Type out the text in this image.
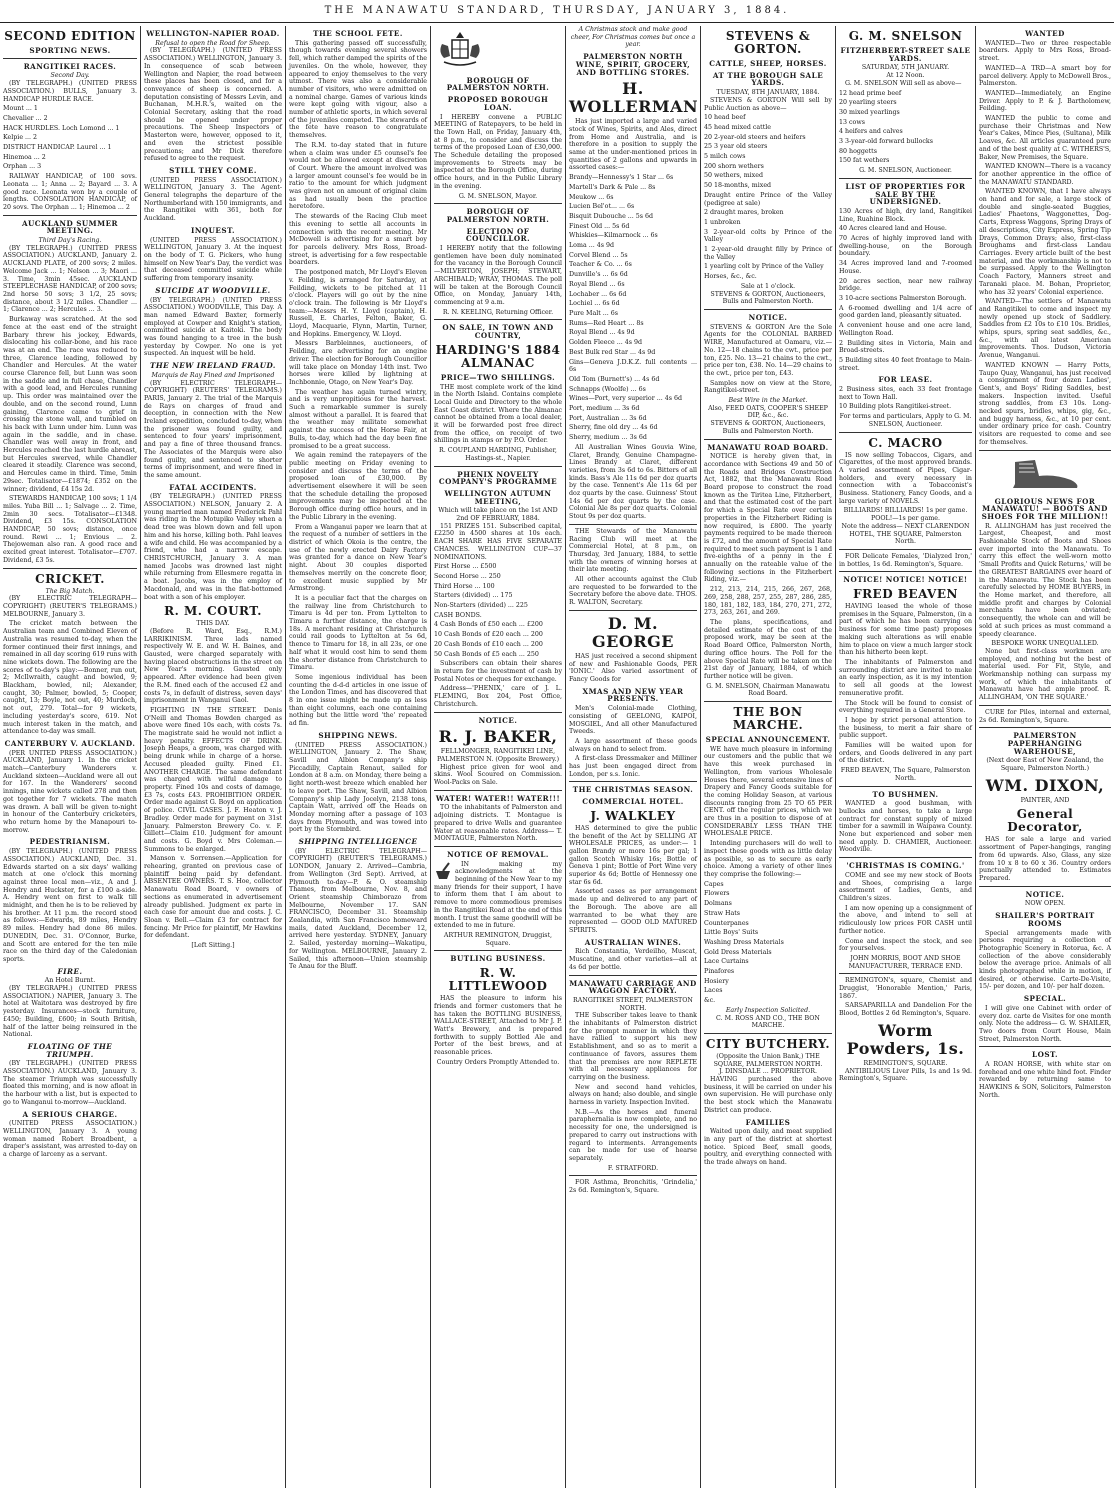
THE MANAWATU STANDARD, THURSDAY, JANUARY 3, 1884.
SECOND EDITION
SPORTING NEWS.
RANGITIKEI RACES.
Second Day.

(BY TELEGRAPH.) (UNITED PRESS ASSOCIATION.) BULLS, January 3. HANDICAP HURDLE RACE.

Mount ... 1

Chevalier ... 2

HACK HURDLES. Loch Lomond ... 1

Kelpie ... 2

DISTRICT HANDICAP. Laurel ... 1

Hinemoa ... 2

Orphan ... 3

RAILWAY HANDICAP, of 100 sovs. Leonata ... 1; Anna ... 2; Bayard ... 3. A good race. Leonata won by a couple of lengths. CONSOLATION HANDICAP, of 20 sovs. The Orphan ... 1; Hinemoa ... 2

AUCKLAND SUMMER MEETING.
Third Day's Racing.

(BY TELEGRAPH.) (UNITED PRESS ASSOCIATION.) AUCKLAND, January 2. AUCKLAND PLATE, of 200 sovs; 2 miles. Welcome Jack ... 1; Nelson ... 3; Maori ... 3. Time, 3min 45sec. AUCKLAND STEEPLECHASE HANDICAP, of 200 sovs; 2nd horse 50 sovs; 3 1/2, 25 sovs; distance, about 3 1/2 miles. Chandler ... 1; Clarence ... 2; Hercules ... 3.

Burkaway was scratched. At the sod fence at the east end of the straight Barbary threw his jockey, Edwards, dislocating his collar-bone, and his race was at an end. The race was reduced to three, Clarence leading, followed by Chandler and Hercules. At the water course Clarence fell, but Lunn was soon in the saddle and in full chase, Chandler with a good lead, and Hercules running up. This order was maintained over the double, and on the second round, Lunn gaining, Clarence came to grief in crossing the stone wall, and tumbled on his back with Lunn under him. Lunn was again in the saddle, and in chase. Chandler was well away in front, and Hercules reached the last hurdle abreast, but Hercules swerved, while Chandler cleared it steadily. Clarence was second, and Hercules came in third. Time, 5min 29sec. Totalisator—£1874; £352 on the winner; dividend, £4 15s 2d.

STEWARDS HANDICAP, 100 sovs; 1 1/4 miles. Yuba Bill ... 1; Salvage ... 2. Time, 2min 30 secs. Totalisator—£1348. Dividend, £3 15s. CONSOLATION HANDICAP, 50 sovs; distance, once round. Rewi ... 1; Envious ... 2. Thejoweman also ran. A good race and excited great interest. Totalisator—£707. Dividend, £3 5s.

CRICKET.
The Big Match.

(BY ELECTRIC TELEGRAPH—COPYRIGHT) (REUTER'S TELEGRAMS.) MELBOURNE, January 3.

The cricket match between the Australian team and Combined Eleven of Australia was resumed to-day, when the former continued their first innings, and remained in all day scoring 619 runs with nine wickets down. The following are the scores of to-day's play:—Bonner, run out, 2; McIlwraith, caught and bowled, 9; Blackham, bowled, nil; Alexander, caught, 30; Palmer, bowled, 5; Cooper, caught, 13; Boyle, not out, 40; Murdoch, not out, 279. Total—for 9 wickets, including yesterday's score, 619. Not much interest taken in the match, and attendance to-day was small.

CANTERBURY V. AUCKLAND.

(PER UNITED PRESS ASSOCIATION.) AUCKLAND, January 1. In the cricket match—Canterbury Wanderers v. Auckland sixteen—Auckland were all out for 167. In the Wanderers' second innings, nine wickets called 278 and then got together for 7 wickets. The match was drawn. A ball will be given to-night in honour of the Canterbury cricketers, who return home by the Manapouri to-morrow.

PEDESTRIANISM.

(BY TELEGRAPH.) (UNITED PRESS ASSOCIATION.) AUCKLAND, Dec. 31. Edwards started on a six days' walking match at one o'clock this morning against three local men—viz., A and J. Hendry and Huckster, for a £100 a-side. A. Hendry went on first to walk till midnight, and then he is to be relieved by his brother. At 11 p.m. the record stood as follows:—Edwards, 89 miles, Hendry 89 miles. Hendry had done 86 miles. DUNEDIN, Dec. 31. O'Connor, Burke, and Scott are entered for the ten mile race on the third day of the Caledonian sports.

FIRE.
An Hotel Burnt.

(BY TELEGRAPH.) (UNITED PRESS ASSOCIATION.) NAPIER, January 3. The hotel at Waitotara was destroyed by fire yesterday. Insurances—stock furniture, £450; Building, £600; in South British, half of the latter being reinsured in the National.

FLOATING OF THE TRIUMPH.

(BY TELEGRAPH.) (UNITED PRESS ASSOCIATION.) AUCKLAND, January 3. The steamer Triumph was successfully floated this morning, and is now afloat in the harbour with a list, but is expected to go to Wanganui to-morrow—Auckland.

A SERIOUS CHARGE.

(UNITED PRESS ASSOCIATION.) WELLINGTON, January 3. A young woman named Robert Broadbent, a draper's assistant, was arrested to-day on a charge of larceny as a servant.

WELLINGTON-NAPIER ROAD.
Refusal to open the Road for Sheep.

(BY TELEGRAPH.) (UNITED PRESS ASSOCIATION.) WELLINGTON, January 3. In consequence of scab between Wellington and Napier, the road between these places has been closed, and for a conveyance of sheep is concerned. A deputation consisting of Messrs Levin, and Buchanan, M.H.R.'s, waited on the Colonial Secretary, asking that the road should be opened under proper precautions. The Sheep Inspectors of Masterton were, however, opposed to it, and even the strictest possible precautions; and Mr Dick therefore refused to agree to the request.

STILL THEY COME.

(UNITED PRESS ASSOCIATION.) WELLINGTON, January 3. The Agent-General telegraphs the departure of the Northumberland with 150 immigrants, and the Rangitikei with 361, both for Auckland.

INQUEST.

(UNITED PRESS ASSOCIATION.) WELLINGTON, January 3. At the inquest on the body of T. G. Pickers, who hung himself on New Year's Day, the verdict was that deceased committed suicide while suffering from temporary insanity.

SUICIDE AT WOODVILLE.

(BY TELEGRAPH.) (UNITED PRESS ASSOCIATION.) WOODVILLE, This Day. A man named Edward Baxter, formerly employed at Cowper and Knight's station, committed suicide at Kaitoki. The body was found hanging to a tree in the bush yesterday by Cowper. No one is yet suspected. An inquest will be held.

THE NEW IRELAND FRAUD.
Marquis de Ray Fined and Imprisoned

(BY ELECTRIC TELEGRAPH—COPYRIGHT) (REUTERS' TELEGRAMS.) PARIS, January 2. The trial of the Marquis de Rays on charges of fraud and deception, in connection with the New Ireland expedition, concluded to-day, when the prisoner was found guilty, and sentenced to four years' imprisonment, and pay a fine of three thousand francs. The Associates of the Marquis were also found guilty, and sentenced to shorter terms of imprisonment, and were fined in the same amount.

FATAL ACCIDENTS.

(BY TELEGRAPH.) (UNITED PRESS ASSOCIATION.) NELSON, January 2. A young married man named Frederick Pahl was riding in the Motupiko Valley when a dead tree was blown down and fell upon him and his horse, killing both. Pahl leaves a wife and child. He was accompanied by a friend, who had a narrow escape. CHRISTCHURCH, January 3. A man named Jacobs was drowned last night while returning from Ellesmere regatta in a boat. Jacobs, was in the employ of Macdonald, and was in the flat-bottomed boat with a son of his employer.

R. M. COURT.
THIS DAY.

(Before R. Ward, Esq., R.M.) LARRIKINISM. Three lads named respectively W. E. and W. H. Baines, and Gausted, were charged separately with having placed obstructions in the street on New Year's morning. Gausted only appeared. After evidence had been given the R.M. fined each of the accused £2 and costs 7s, in default of distress, seven days' imprisonment in Wanganui Gaol.

FIGHTING IN THE STREET. Denis O'Neill and Thomas Bowden charged as above were fined 10s each, with costs 7s. The magistrate said he would not inflict a heavy penalty. EFFECTS OF DRINK. Joseph Heaps, a groom, was charged with being drunk while in charge of a horse. Accused pleaded guilty. Fined £1. ANOTHER CHARGE. The same defendant was charged with wilful damage to property. Fined 10s and costs of damage, £3 7s, costs £43. PROHIBITION ORDER. Order made against G. Boyd on application of police. CIVIL CASES. J. F. Heaton v. J. Bradley. Order made for payment on 31st January. Palmerston Brewery Co. v. F. Gillett—Claim £10. Judgment for amount and costs. G. Boyd v. Mrs Coleman.—Summons to be enlarged.

Manson v. Sorrensen.—Application for rehearing, granted on previous case of plaintiff being paid by defendant. ABSENTEE OWNERS. T. S. Hoe, collector Manawatu Road Board, v owners of sections as enumerated in advertisement already published. Judgment ex parte in each case for amount due and costs. J. C. Sloan v. Bell.—Claim £3 for contract for fencing. Mr Price for plaintiff, Mr Hawkins for defendant.

[Left Sitting.]
THE SCHOOL FETE.

This gathering passed off successfully, though towards evening several showers fell, which rather damped the spirits of the juveniles. On the whole, however, they appeared to enjoy themselves to the very utmost. There was also a considerable number of visitors, who were admitted on a nominal charge. Games of various kinds were kept going with vigour, also a number of athletic sports, in which several of the juveniles competed. The stewards of the fete have reason to congratulate themselves.

The R.M. to-day stated that in future when a claim was under £5 counsel's fee would not be allowed except at discretion of Court. Where the amount involved was a larger amount counsel's fee would be in ratio to the amount for which judgment was given not on amount of original claim as had usually been the practice heretofore.

The stewards of the Racing Club meet this evening to settle all accounts in connection with the recent meeting. Mr McDowell is advertising for a smart boy for parcels delivery. Mrs Ross, Broad-street, is advertising for a few respectable boarders.

The postponed match, Mr Lloyd's Eleven v. Feilding, is arranged for Saturday, at Feilding, wickets to be pitched at 11 o'clock. Players will go out by the nine o'clock train. The following is Mr Lloyd's team:—Messrs H. Y. Lloyd (captain), H. Russell, E. Charles, Felton, Baker, G. Lloyd, Macquarie, Flynn, Martin, Turner, and Hopkins. Emergency, W. Lloyd.

Messrs Barbleinnes, auctioneers, of Feilding, are advertising for an engine driver. The election for Borough Councillor will take place on Monday 14th inst. Two horses were killed by lightning at Inchbonnie, Otago, on New Year's Day.

The weather has again turned wintry, and is very unpropitious for the harvest. Such a remarkable summer is surely almost without a parallel. It is feared that the weather may militate somewhat against the success of the Horse Fair, at Bulls, to-day, which had the day been fine promised to be a great success.

We again remind the ratepayers of the public meeting on Friday evening to consider and discuss the terms of the proposed loan of £30,000. By advertisement elsewhere it will be seen that the schedule detailing the proposed improvements may be inspected at the Borough office during office hours, and in the Public Library in the evening.

From a Wanganui paper we learn that at the request of a number of settlers in the district of which Okoia is the centre, the use of the newly erected Dairy Factory was granted for a dance on New Year's night. About 30 couples disported themselves merrily on the concrete floor, to excellent music supplied by Mr Armstrong.

It is a peculiar fact that the charges on the railway line from Christchurch to Timaru is 4d per ton. From Lyttelton to Timaru a further distance, the charge is 18s. A merchant residing at Christchurch could rail goods to Lyttelton at 5s 6d, thence to Timaru for 18, in all 23s, or one half what it would cost him to send them the shorter distance from Christchurch to Timaru.

Some ingenious individual has been counting the d-d-d articles in one issue of the London Times, and has discovered that 8 in one issue might be made up as less than eight columns, each one containing nothing but the little word 'the' repeated ad fin.

SHIPPING NEWS.

(UNITED PRESS ASSOCIATION.) WELLINGTON, January 2. The Shaw, Savill and Albion Company's ship Piccadilly, Captain Renaut, sailed for London at 8 a.m. on Monday, there being a light north-west breeze which enabled her to leave port. The Shaw, Savill, and Albion Company's ship Lady Jocelyn, 2138 tons, Captain Watt, arrived off the Heads on Monday morning after a passage of 103 days from Plymouth, and was towed into port by the Stormbird.

SHIPPING INTELLIGENCE

(BY ELECTRIC TELEGRAPH—COPYRIGHT) (REUTER'S TELEGRAMS.) LONDON, January 2. Arrived—Cambria, from Wellington (3rd Sept). Arrived, at Plymouth to-day—P. & O. steamship Thames, from Melbourne, Nov. 8, and Orient steamship Chimborazo from Melbourne, November 17. SAN FRANCISCO, December 31. Steamship Zealandia, with San Francisco homeward mails, dated Auckland, December 12, arrived here yesterday. SYDNEY, January 2. Sailed, yesterday morning—Wakatipu, for Wellington. MELBOURNE, January 2. Sailed, this afternoon—Union steamship Te Anau for the Bluff.

BOROUGH OF PALMERSTON NORTH.
PROPOSED BOROUGH LOAN.

I HEREBY convene a PUBLIC MEETING of Ratepayers, to be held in the Town Hall, on Friday, January 4th, at 8 p.m., to consider and discuss the terms of the proposed Loan of £30,000. The Schedule detailing the proposed improvements to Streets may be inspected at the Borough Office, during office hours, and in the Public Library in the evening.

G. M. SNELSON, Mayor.
BOROUGH OF PALMERSTON NORTH.
ELECTION OF COUNCILLOR.

I HEREBY notify that the following gentlemen have been duly nominated for the vacancy in the Borough Council—MILVERTON, JOSEPH; STEWART, ARCHIBALD; WRAY, THOMAS. The poll will be taken at the Borough Council Office, on Monday, January 14th, commencing at 9 a.m.

R. N. KEELING, Returning Officer.
ON SALE, IN TOWN AND COUNTRY,
HARDING'S 1884 ALMANAC
PRICE—TWO SHILLINGS.

THE most complete work of the kind in the North Island. Contains complete Local Guide and Directory to the whole East Coast district. Where the Almanac cannot be obtained from a local dealer, it will be forwarded post free direct from the office, on receipt of two shillings in stamps or by P.O. Order.

R. COUPLAND HARDING, Publisher, Hastings-st., Napier.
PHENIX NOVELTY COMPANY'S PROGRAMME
WELLINGTON AUTUMN MEETING,
Which will take place on the 1st AND 2nd OF FEBRUARY, 1884.

151 PRIZES 151. Subscribed capital, £2250 in 4500 shares at 10s each. EACH SHARE HAS FIVE SEPARATE CHANCES. WELLINGTON CUP—37 NOMINATIONS.

First Horse ... £500

Second Horse ... 250

Third Horse ... 100

Starters (divided) ... 175

Non-Starters (divided) ... 225

CASH BONDS.

4 Cash Bonds of £50 each ... £200

10 Cash Bonds of £20 each ... 200

20 Cash Bonds of £10 each ... 200

50 Cash Bonds of £5 each ... 250

Subscribers can obtain their shares in return for the investment of cash by Postal Notes or cheques for exchange.

Address—'PHENIX,' care of J. L. FLEMING, Box 204, Post Office, Christchurch.

NOTICE.
R. J. BAKER,
FELLMONGER, RANGITIKEI LINE, PALMERSTON N. (Opposite Brewery.)

Highest price given for wool and skins. Wool Scoured on Commission. Wool-Packs on Sale.

WATER! WATER!! WATER!!!

TO the inhabitants of Palmerston and adjoining districts. T. Montague is prepared to drive Wells and guarantee Water at reasonable rates. Address— T. MONTAGUE, Palmerston North.

NOTICE OF REMOVAL.

IN making my acknowledgments at the beginning of the New Year to my many friends for their support, I have to inform them that I am about to remove to more commodious premises in the Rangitikei Road at the end of this month. I trust the same goodwill will be extended to me in future.

ARTHUR REMINGTON, Druggist, Square.
BUTLING BUSINESS.
R. W. LITTLEWOOD

HAS the pleasure to inform his friends and former customers that he has taken the BOTTLING BUSINESS, WALLACE-STREET, Attached to Mr J. P. Watt's Brewery, and is prepared forthwith to supply Bottled Ale and Porter of the best brews, and at reasonable prices.

Country Orders Promptly Attended to.
A Christmas stock and make good cheer, For Christmas comes but once a year.
PALMERSTON NORTH WINE, SPIRIT, GROCERY, AND BOTTLING STORES.
H. WOLLERMAN

Has just imported a large and varied stock of Wines, Spirits, and Ales, direct from Home and Australia, and is therefore in a position to supply the same at the under-mentioned prices in quantities of 2 gallons and upwards in assorted cases:—

Brandy—Hennessy's 1 Star ... 6s

Martell's Dark & Pale ... 8s

Meukow ... 6s

Lucien Bel'ot... ... 6s

Bisquit Dubouche ... 5s 6d

Finest Old ... 5s 6d

Whiskies—Kilmarnock ... 6s

Loma ... 4s 9d

Corvel Blend ... 5s

Teacher & Co. ... 6s

Dunville's ... 6s 6d

Royal Blend ... 6s

Lochaber ... 6s 6d

Lochiel ... 6s 6d

Pure Malt ... 6s

Rums—Red Heart ... 8s

Royal Blend ... 4s 9d

Golden Fleece ... 4s 9d

Best Bulk red Star ... 4s 9d

Gins—Geneva J.D.K.Z. full contents ... 6s

Old Tom (Burnett's) ... 4s 6d

Schnapps (Woolfe) ... 6s

Wines—Port, very superior ... 4s 6d

Port, medium ... 3s 6d

Port, Australian ... 3s 6d

Sherry, fine old dry ... 4s 6d

Sherry, medium ... 3s 6d

All Australian Wines Gouvia Wine, Claret, Brandy, Genuine Champagne-Lines Brandy at Claret, different varieties, from 3s 6d to 6s. Bitters of all kinds. Bass's Ale 11s 6d per doz quarts by the case. Tennent's Ale 11s 6d per doz quarts by the case. Guinness' Stout 14s 6d per doz quarts by the case. Colonial Ale 8s per doz quarts. Colonial Stout 9s per doz quarts.

THE Stewards of the Manawatu Racing Club will meet at the Commercial Hotel, at 8 p.m., on Thursday, 3rd January, 1884, to settle with the owners of winning horses at their late meeting.

All other accounts against the Club are requested to be forwarded to the Secretary before the above date. THOS. R. WALTON, Secretary.

D. M. GEORGE

HAS just received a second shipment of new and Fashionable Goods, PER 'IONIC.' Also varied assortment of Fancy Goods for

XMAS AND NEW YEAR PRESENTS.

Men's Colonial-made Clothing, consisting of GEELONG, KAIPOI, MOSGIEL, And all other Manufactured Tweeds.

A large assortment of these goods always on hand to select from.

A first-class Dressmaker and Milliner has just been engaged direct from London, per s.s. Ionic.

THE CHRISTMAS SEASON.
COMMERCIAL HOTEL.
J. WALKLEY

HAS determined to give the public the benefit of the Act by SELLING AT WHOLESALE PRICES, as under:— 1 gallon Brandy or more 16s per gal; 1 gallon Scotch Whisky 16s; Bottle of Geneva 1 pint; Bottle of Port Wine very superior 4s 6d; Bottle of Hennessy one star 6s 6d.

Assorted cases as per arrangement made up and delivered to any part of the Borough. The above are all warranted to be what they are represented — GOOD OLD MATURED SPIRITS.

AUSTRALIAN WINES.

Rich Constantia, Verdeilho, Muscat, Muscatine, and other varieties—all at 4s 6d per bottle.

MANAWATU CARRIAGE AND WAGGON FACTORY.
RANGITIKEI STREET, PALMERSTON NORTH.

THE Subscriber takes leave to thank the inhabitants of Palmerston district for the prompt manner in which they have rallied to support his new Establishment, and so as to merit a continuance of favors, assures them that the premises are now REPLETE with all necessary appliances for carrying on the business.

New and second hand vehicles, always on hand; also double, and single harness in variety. Inspection Invited.

N.B.—As the horses and funeral paraphernalia is now complete, and no necessity for one, the undersigned is prepared to carry out instructions with regard to interments. Arrangements can be made for use of hearse separately.

F. STRATFORD.

FOR Asthma, Bronchitis, 'Grindelia,' 2s 6d. Remington's, Square.

STEVENS & GORTON.
CATTLE, SHEEP, HORSES.
AT THE BOROUGH SALE YARDS.
TUESDAY, 8TH JANUARY, 1884.

STEVENS & GORTON Will sell by Public Auction as above—

10 head beef

45 head mixed cattle

20 2-year-old steers and heifers

25 3 year old steers

5 milch cows

200 shorn wethers

50 wethers, mixed

50 18-months, mixed

Draught entire Prince of the Valley (pedigree at sale)

2 draught mares, broken

1 unbroken

3 2-year-old colts by Prince of the Valley

1 2-year-old draught filly by Prince of the Valley

1 yearling colt by Prince of the Valley

Horses, &c., &c.

Sale at 1 o'clock.
STEVENS & GORTON, Auctioneers, Bulls and Palmerston North.
NOTICE.

STEVENS & GORTON Are the Sole Agents for the COLONIAL BARBED WIRE, Manufactured at Oamaru, viz.— No. 12—18 chains to the cwt., price per ton, £25. No. 13—21 chains to the cwt., price per ton, £38. No. 14—29 chains to the cwt., price per ton, £43.

Samples now on view at the Store, Rangitikei-street.

Best Wire in the Market.
Also, FEED OATS, COOPER'S SHEEP DIP, &c., &c.
STEVENS & GORTON, Auctioneers, Bulls and Palmerston North.
MANAWATU ROAD BOARD.

NOTICE is hereby given that, in accordance with Sections 49 and 50 of the Roads and Bridges Construction Act, 1882, that the Manawatu Road Board propose to construct the road known as the Tiritea Line, Fitzherbert, and that the estimated cost of the part for which a Special Rate over certain properties in the Fitzherbert Riding is now required, is £800. The yearly payments required to be made thereon is £72, and the amount of Special Rate required to meet such payment is 1 and five-eighths of a penny in the £ annually on the rateable value of the following sections in the Fitzherbert Riding, viz.—

212, 213, 214, 215, 266, 267, 268, 269, 258, 288, 257, 255, 287, 286, 285, 180, 181, 182, 183, 184, 270, 271, 272, 273, 263, 261, and 269.

The plans, specifications, and detailed estimate of the cost of the proposed work, may be seen at the Road Board Office, Palmerston North, during office hours. The Poll for the above Special Rate will be taken on the 21st day of January, 1884, of which further notice will be given.

G. M. SNELSON, Chairman Manawatu Road Board.
THE BON MARCHE.
SPECIAL ANNOUNCEMENT.

WE have much pleasure in informing our customers and the public that we have this week purchased in Wellington, from various Wholesale Houses there, several extensive lines of Drapery and Fancy Goods suitable for the coming Holiday Season, at various discounts ranging from 25 TO 65 PER CENT. off the regular prices, which we are thus in a position to dispose of at CONSIDERABLY LESS THAN THE WHOLESALE PRICE.

Intending purchasers will do well to inspect these goods with as little delay as possible, so as to secure as early choice. Among a variety of other lines they comprise the following:—

Capes

Flowers

Dolmans

Straw Hats

Counterpanes

Little Boys' Suits

Washing Dress Materials

Gold Dress Materials

Lace Curtains

Pinafores

Hosiery

Laces

&c.

Early Inspection Solicited.
C. M. ROSS AND CO., THE BON MARCHE.
CITY BUTCHERY.
(Opposite the Union Bank,) THE SQUARE, PALMERSTON NORTH.
J. DINSDALE ... PROPRIETOR.

HAVING purchased the above business, it will be carried on under his own supervision. He will purchase only the best stock which the Manawatu District can produce.

FAMILIES

Waited upon daily, and meat supplied in any part of the district at shortest notice. Spiced Beef, small goods, poultry, and everything connected with the trade always on hand.

G. M. SNELSON
FITZHERBERT-STREET SALE YARDS.
SATURDAY, 5TH JANUARY.
At 12 Noon.

G. M. SNELSON Will sell as above—

12 head prime beef

20 yearling steers

30 mixed yearlings

13 cows

4 heifers and calves

3 3-year-old forward bullocks

80 hoggetts

150 fat wethers

G. M. SNELSON, Auctioneer.
LIST OF PROPERTIES FOR SALE BY THE UNDERSIGNED.

130 Acres of high, dry land, Rangitikei Line, Ruahine Block.

40 Acres cleared land and House.

70 Acres of highly improved land with dwelling-house, on the Borough boundary.

34 Acres improved land and 7-roomed House.

20 acres section, near new railway bridge.

3 10-acre sections Palmerston Borough.

A 6-roomed dwelling and 1/4 acre of good garden land, pleasantly situated.

A convenient house and one acre land, Wellington Road.

2 Building sites in Victoria, Main and Broad-streets.

5 Building sites 40 feet frontage to Main-street.

FOR LEASE.

2 Business sites, each 33 feet frontage next to Town Hall.

10 Building plots Rangitikei-street.

For terms and particulars, Apply to G. M. SNELSON, Auctioneer.
C. MACRO

IS now selling Tobaccos, Cigars, and Cigarettes, of the most approved brands. A varied assortment of Pipes, Cigar-holders, and every necessary in connection with a Tobacconist's Business. Stationery, Fancy Goods, and a large variety of NOVELS.

BILLIARDS! BILLIARDS! 1s per game.
POOL!—1s per game.
Note the address— NEXT CLARENDON HOTEL, THE SQUARE, Palmerston North.

FOR Delicate Females, 'Dialyzed Iron,' in bottles, 1s 6d. Remington's, Square.

NOTICE! NOTICE! NOTICE!
FRED BEAVEN

HAVING leased the whole of those premises in the Square, Palmerston, (in a part of which he has been carrying on business for some time past) proposes making such alterations as will enable him to place on view a much larger stock than his hitherto been kept.

The inhabitants of Palmerston and surrounding district are invited to make an early inspection, as it is my intention to sell all goods at the lowest remunerative profit.

The Stock will be found to consist of everything required in a General Store.

I hope by strict personal attention to the business, to merit a fair share of public support.

Families will be waited upon for orders, and Goods delivered in any part of the district.

FRED BEAVEN, The Square, Palmerston North.
TO BUSHMEN.

WANTED a good bushman, with bullocks and horses, to take a large contract for constant supply of mixed timber for a sawmill in Waipawa County. None but experienced and sober men need apply. D. CHAMIER, Auctioneer. Woodville.

'CHRISTMAS IS COMING.'

COME and see my new stock of Boots and Shoes, comprising a large assortment of Ladies, Gents, and Children's sizes.

I am now opening up a consignment of the above, and intend to sell at ridiculously low prices FOR CASH until further notice.

Come and inspect the stock, and see for yourselves.

JOHN MORRIS, BOOT AND SHOE MANUFACTURER, TERRACE END.

REMINGTON's, square, Chemist and Druggist, 'Honorable Mention,' Paris, 1867.

SARSAPARILLA and Dandelion For the Blood, Bottles 2 6d Remington's, Square.

Worm Powders, 1s.
REMINGTON'S, SQUARE.

ANTIBILIOUS Liver Pills, 1s and 1s 9d. Remington's, Square.

WANTED

WANTED—Two or three respectable boarders. Apply to Mrs Ross, Broad-street.

WANTED—A TRD—A smart boy for parcel delivery. Apply to McDowell Bros., Palmerston.

WANTED—Immediately, an Engine Driver. Apply to P. & J. Bartholomew, Feilding.

WANTED the public to come and purchase their Christmas and New Year's Cakes, Mince Pies, (Sultana), Milk Loaves, &c. All articles guaranteed pure and of the best quality at C. WITHERS'S, Baker, New Premises, the Square.

WANTED KNOWN—There is a vacancy for another apprentice in the office of the MANAWATU STANDARD.

WANTED KNOWN, that I have always on hand and for sale, a large stock of double and single-seated Buggies, Ladies' Phaetons, Waggonettes, Dog-Carts, Express Waggons, Spring Drays of all descriptions, City Express, Spring Tip Drays, Common Drays; also, first-class Broughams and first-class Landau Carriages. Every article built of the best material, and the workmanship is not to be surpassed. Apply to the Wellington Coach Factory, Manners street and Taranaki place. M. Bohan, Proprietor, who has 32 years' Colonial experience.

WANTED—The settlers of Manawatu and Rangitikei to come and inspect my newly opened up stock of Saddlery. Saddles from £2 10s to £10 10s. Bridles, whips, spurs, spring seat saddles, &c., &c., with all latest American improvements. Thos. Dudson, Victoria Avenue, Wanganui.

WANTED KNOWN — Harry Potts, Taupo Quay, Wanganui, has just received a consignment of four dozen Ladies', Gent's, and Boys' Riding Saddles, best makers. Inspection invited. Useful strong saddles, from £3 10s. Long-necked spurs, bridles, whips, gig, &c., and buggy harness, &c., at 10 per cent. under ordinary price for cash. Country visitors are requested to come and see for themselves.

GLORIOUS NEWS FOR MANAWATU! — BOOTS AND SHOES FOR THE MILLION!!

R. ALLINGHAM has just received the Largest, Cheapest, and most Fashionable Stock of Boots and Shoes ever imported into the Manawatu. To carry this effect the well-worn motto 'Small Profits and Quick Returns,' will be the GREATEST BARGAINS ever heard of in the Manawatu. The Stock has been carefully selected by HOME BUYERS, in the Home market, and therefore, all middle profit and charges by Colonial merchants have been obviated; consequently, the whole can and will be sold at such prices as must command a speedy clearance.

BESPOKE WORK UNEQUALLED.

None but first-class workmen are employed, and nothing but the best of material used. For Fit, Style, and Workmanship nothing can surpass my work, of which the inhabitants of Manawatu have had ample proof. R. ALLINGHAM, 'ON THE SQUARE.'

CURE for Piles, internal and external, 2s 6d. Remington's, Square.

PALMERSTON PAPERHANGING WAREHOUSE,
(Next door East of New Zealand, the Square, Palmerston North.)
WM. DIXON,
PAINTER, AND
General Decorator,

HAS for sale a large and varied assortment of Paper-hangings, ranging from 6d upwards. Also, Glass, any size from 10 x 8 to 60 x 36. Country orders punctually attended to. Estimates Prepared.

NOTICE.
NOW OPEN.
SHAILER'S PORTRAIT ROOMS

Special arrangements made with persons requiring a collection of Photographic Scenery in Rotorua, &c. A collection of the above considerably below the average price. Animals of all kinds photographed while in motion, if desired, or otherwise. Carte-De-Visite, 15/- per dozen, and 10/- per half dozen.

SPECIAL.

I will give one Cabinet with order of every doz. carte de Visites for one month only. Note the address— G. W. SHAILER, Two doors from Court House, Main Street, Palmerston North.

LOST.

A ROAN HORSE, with white star on forehead and one white hind foot. Finder rewarded by returning same to HAWKINS & SON, Solicitors, Palmerston North.
